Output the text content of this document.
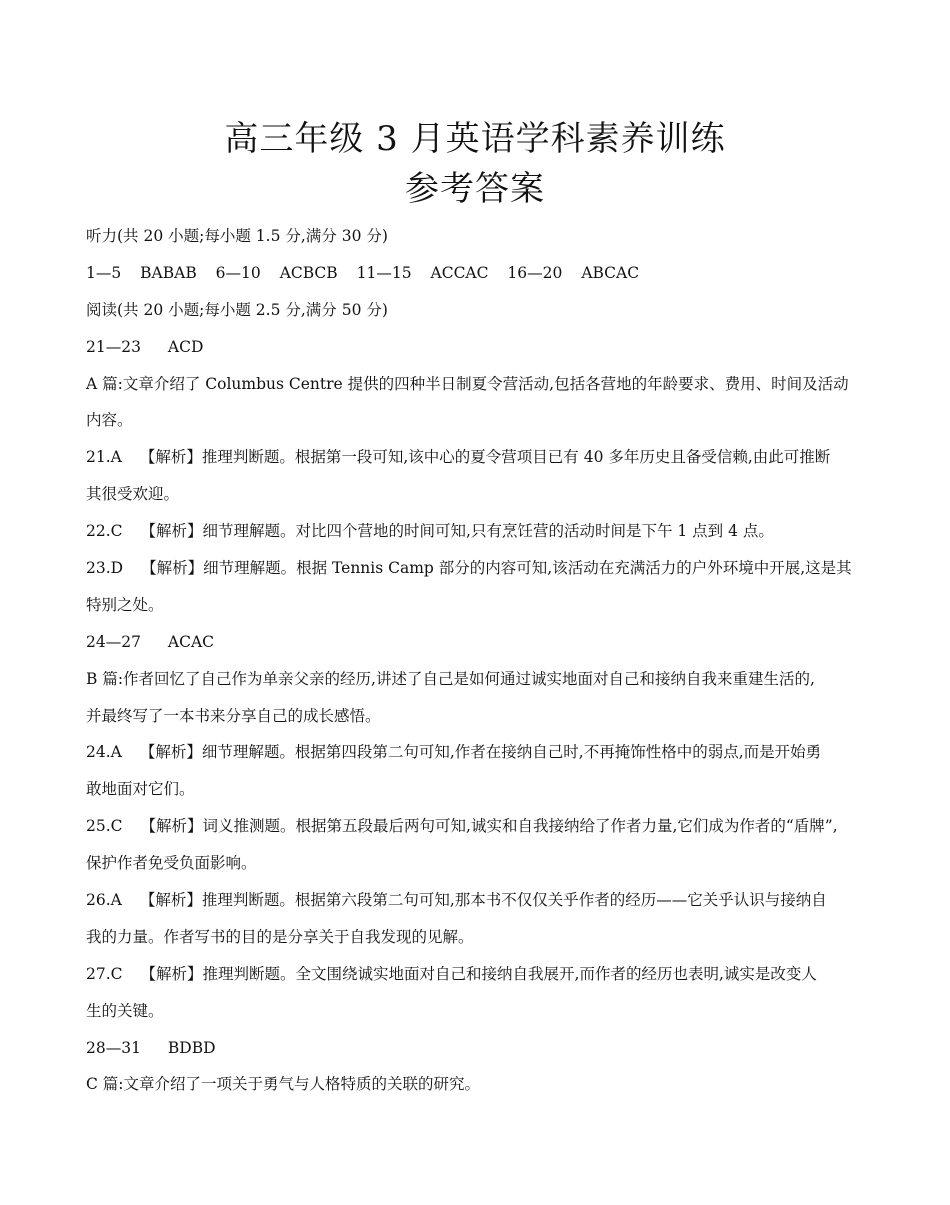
高三年级 3 月英语学科素养训练
参考答案
听力(共 20 小题;每小题 1.5 分,满分 30 分)
1—5 BABAB 6—10 ACBCB 11—15 ACCAC 16—20 ABCAC
阅读(共 20 小题;每小题 2.5 分,满分 50 分)
21—23 ACD
A 篇:文章介绍了 Columbus Centre 提供的四种半日制夏令营活动,包括各营地的年龄要求、费用、时间及活动
内容。
21.A 【解析】推理判断题。根据第一段可知,该中心的夏令营项目已有 40 多年历史且备受信赖,由此可推断
其很受欢迎。
22.C 【解析】细节理解题。对比四个营地的时间可知,只有烹饪营的活动时间是下午 1 点到 4 点。
23.D 【解析】细节理解题。根据 Tennis Camp 部分的内容可知,该活动在充满活力的户外环境中开展,这是其
特别之处。
24—27 ACAC
B 篇:作者回忆了自己作为单亲父亲的经历,讲述了自己是如何通过诚实地面对自己和接纳自我来重建生活的,
并最终写了一本书来分享自己的成长感悟。
24.A 【解析】细节理解题。根据第四段第二句可知,作者在接纳自己时,不再掩饰性格中的弱点,而是开始勇
敢地面对它们。
25.C 【解析】词义推测题。根据第五段最后两句可知,诚实和自我接纳给了作者力量,它们成为作者的“盾牌”,
保护作者免受负面影响。
26.A 【解析】推理判断题。根据第六段第二句可知,那本书不仅仅关乎作者的经历——它关乎认识与接纳自
我的力量。作者写书的目的是分享关于自我发现的见解。
27.C 【解析】推理判断题。全文围绕诚实地面对自己和接纳自我展开,而作者的经历也表明,诚实是改变人
生的关键。
28—31 BDBD
C 篇:文章介绍了一项关于勇气与人格特质的关联的研究。
